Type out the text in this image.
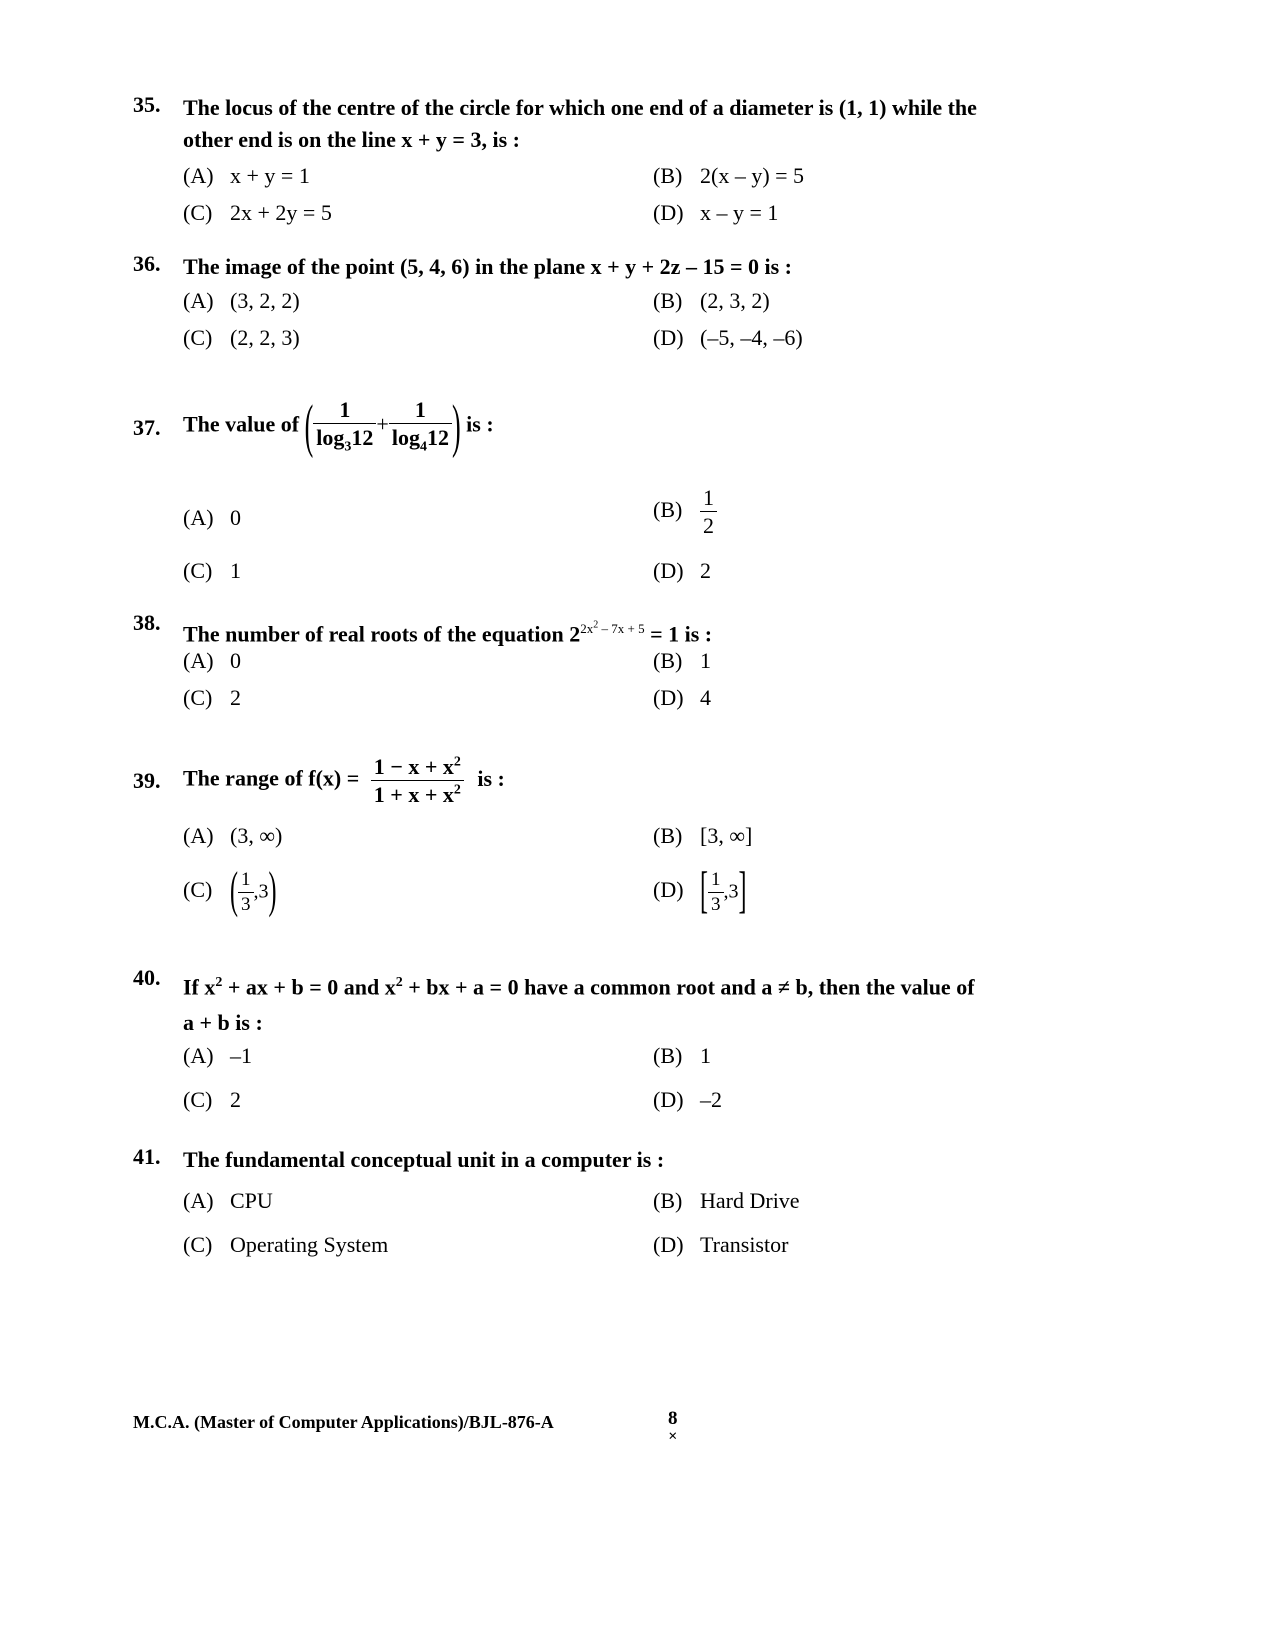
35. The locus of the centre of the circle for which one end of a diameter is (1, 1) while the
other end is on the line x + y = 3, is :
(A) x + y = 1	(B) 2(x – y) = 5
(C) 2x + 2y = 5	(D) x – y = 1
36. The image of the point (5, 4, 6) in the plane x + y + 2z – 15 = 0 is :
(A) (3, 2, 2)	(B) (2, 3, 2)
(C) (2, 2, 3)	(D) (–5, –4, –6)
37. The value of ( $\frac{1}{\log_312} + \frac{1}{\log_412}$ ) is :
(A) 0	$(B) \frac{1}{2}$
(C) 1	(D) 2
38. The number of real roots of the equation $2^{2x^2 - 7x + 5} = 1$ is :
(A) 0	(B) 1
(C) 2	(D) 4
39. The range of $f(x) = \frac{1 - x + x^2}{1 + x + x^2}$ is :
(A) (3, ∞)	(B) [3, ∞]
(C) ( $\frac{1}{3} ,3$)	(D) [ $\frac{1}{3} ,3$]
40. If $x^2$ + ax + b = 0 and $x^2$ + bx + a = 0 have a common root and a ≠ b, then the value of
a + b is :
(A) –1	(B) 1
(C) 2	(D) –2
41. The fundamental conceptual unit in a computer is :
(A) CPU	(B) Hard Drive
(C) Operating System	(D) Transistor
M.C.A. (Master of Computer Applications)/BJL-876-A	8
×
